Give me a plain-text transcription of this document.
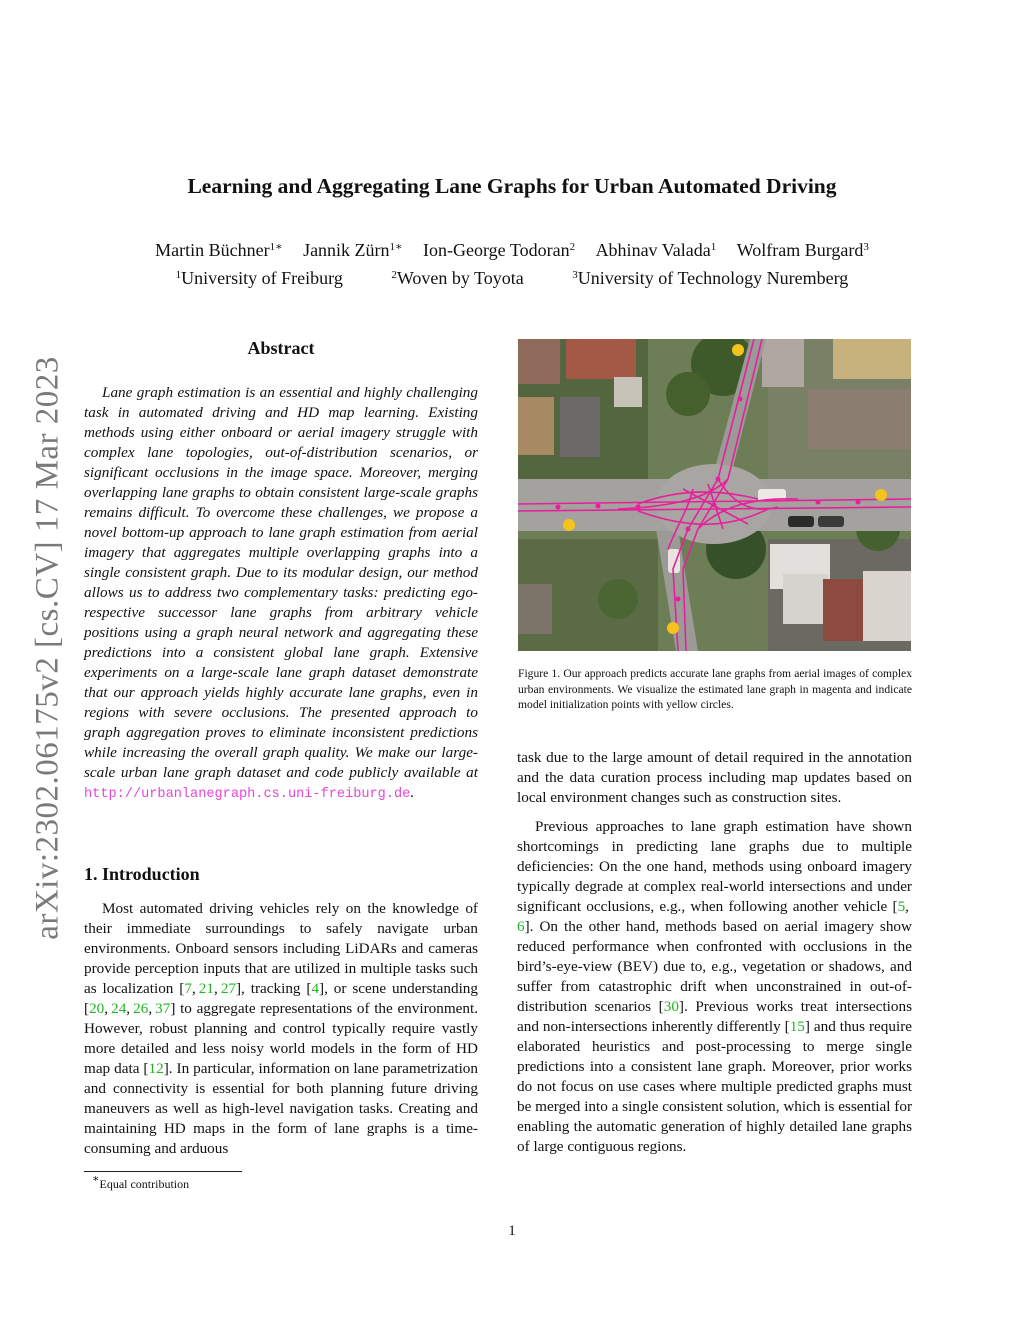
Learning and Aggregating Lane Graphs for Urban Automated Driving
Martin Büchner$^{1∗}$ Jannik Zürn$^{1∗}$ Ion-George Todoran$^2$ Abhinav Valada$^1$ Wolfram Burgard$^3$
$^1$University of Freiburg	$^2$Woven by Toyota	$^3$University of Technology Nuremberg
arXiv:2302.06175v2 [cs.CV] 17 Mar 2023
Abstract

Lane graph estimation is an essential and highly challenging task in automated driving and HD map learning. Existing methods using either onboard or aerial imagery struggle with complex lane topologies, out-of-distribution scenarios, or significant occlusions in the image space. Moreover, merging overlapping lane graphs to obtain consistent large-scale graphs remains difficult. To overcome these challenges, we propose a novel bottom-up approach to lane graph estimation from aerial imagery that aggregates multiple overlapping graphs into a single consistent graph. Due to its modular design, our method allows us to address two complementary tasks: predicting ego-respective successor lane graphs from arbitrary vehicle positions using a graph neural network and aggregating these predictions into a consistent global lane graph. Extensive experiments on a large-scale lane graph dataset demonstrate that our approach yields highly accurate lane graphs, even in regions with severe occlusions. The presented approach to graph aggregation proves to eliminate inconsistent predictions while increasing the overall graph quality. We make our large-scale urban lane graph dataset and code publicly available at http://urbanlanegraph.cs.uni-freiburg.de.

1. Introduction

Most automated driving vehicles rely on the knowledge of their immediate surroundings to safely navigate urban environments. Onboard sensors including LiDARs and cameras provide perception inputs that are utilized in multiple tasks such as localization [7, 21, 27], tracking [4], or scene understanding [20, 24, 26, 37] to aggregate representations of the environment. However, robust planning and control typically require vastly more detailed and less noisy world models in the form of HD map data [12]. In particular, information on lane parametrization and connectivity is essential for both planning future driving maneuvers as well as high-level navigation tasks. Creating and maintaining HD maps in the form of lane graphs is a time-consuming and arduous

∗Equal contribution
Figure 1. Our approach predicts accurate lane graphs from aerial images of complex urban environments. We visualize the estimated lane graph in magenta and indicate model initialization points with yellow circles.

task due to the large amount of detail required in the annotation and the data curation process including map updates based on local environment changes such as construction sites.

Previous approaches to lane graph estimation have shown shortcomings in predicting lane graphs due to multiple deficiencies: On the one hand, methods using onboard imagery typically degrade at complex real-world intersections and under significant occlusions, e.g., when following another vehicle [5, 6]. On the other hand, methods based on aerial imagery show reduced performance when confronted with occlusions in the bird’s-eye-view (BEV) due to, e.g., vegetation or shadows, and suffer from catastrophic drift when unconstrained in out-of-distribution scenarios [30]. Previous works treat intersections and non-intersections inherently differently [15] and thus require elaborated heuristics and post-processing to merge single predictions into a consistent lane graph. Moreover, prior works do not focus on use cases where multiple predicted graphs must be merged into a single consistent solution, which is essential for enabling the automatic generation of highly detailed lane graphs of large contiguous regions.

1
